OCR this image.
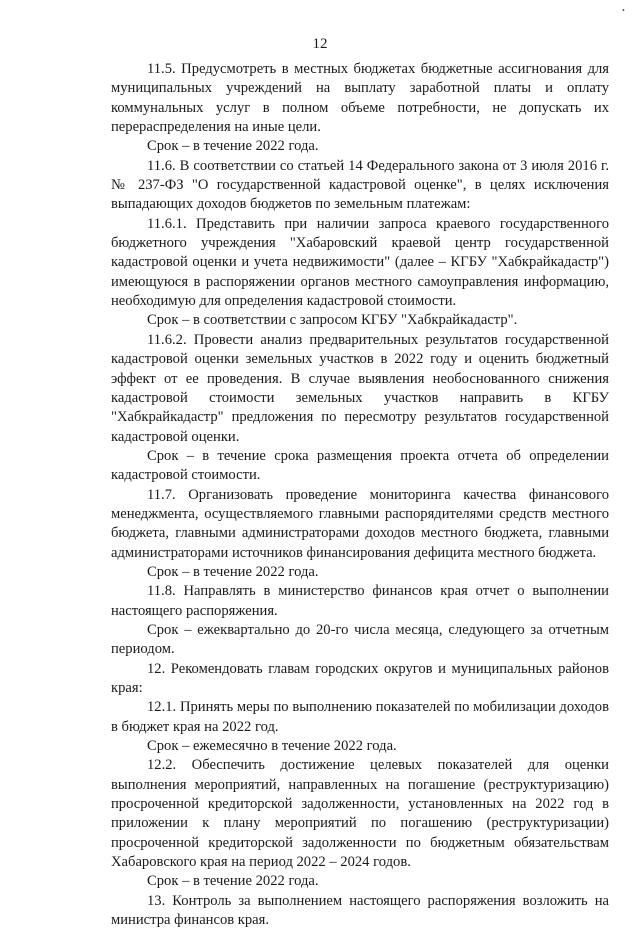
•
12

11.5. Предусмотреть в местных бюджетах бюджетные ассигнования для муниципальных учреждений на выплату заработной платы и оплату коммунальных услуг в полном объеме потребности, не допускать их перераспределения на иные цели.

Срок – в течение 2022 года.

11.6. В соответствии со статьей 14 Федерального закона от 3 июля 2016 г. № 237-ФЗ "О государственной кадастровой оценке", в целях исключения выпадающих доходов бюджетов по земельным платежам:

11.6.1. Представить при наличии запроса краевого государственного бюджетного учреждения "Хабаровский краевой центр государственной кадастровой оценки и учета недвижимости" (далее – КГБУ "Хабкрайкадастр") имеющуюся в распоряжении органов местного самоуправления информацию, необходимую для определения кадастровой стоимости.

Срок – в соответствии с запросом КГБУ "Хабкрайкадастр".

11.6.2. Провести анализ предварительных результатов государственной кадастровой оценки земельных участков в 2022 году и оценить бюджетный эффект от ее проведения. В случае выявления необоснованного снижения кадастровой стоимости земельных участков направить в КГБУ "Хабкрайкадастр" предложения по пересмотру результатов государственной кадастровой оценки.

Срок – в течение срока размещения проекта отчета об определении кадастровой стоимости.

11.7. Организовать проведение мониторинга качества финансового менеджмента, осуществляемого главными распорядителями средств местного бюджета, главными администраторами доходов местного бюджета, главными администраторами источников финансирования дефицита местного бюджета.

Срок – в течение 2022 года.

11.8. Направлять в министерство финансов края отчет о выполнении настоящего распоряжения.

Срок – ежеквартально до 20-го числа месяца, следующего за отчетным периодом.

12. Рекомендовать главам городских округов и муниципальных районов края:

12.1. Принять меры по выполнению показателей по мобилизации доходов в бюджет края на 2022 год.

Срок – ежемесячно в течение 2022 года.

12.2. Обеспечить достижение целевых показателей для оценки выполнения мероприятий, направленных на погашение (реструктуризацию) просроченной кредиторской задолженности, установленных на 2022 год в приложении к плану мероприятий по погашению (реструктуризации) просроченной кредиторской задолженности по бюджетным обязательствам Хабаровского края на период 2022 – 2024 годов.

Срок – в течение 2022 года.

13. Контроль за выполнением настоящего распоряжения возложить на министра финансов края.
